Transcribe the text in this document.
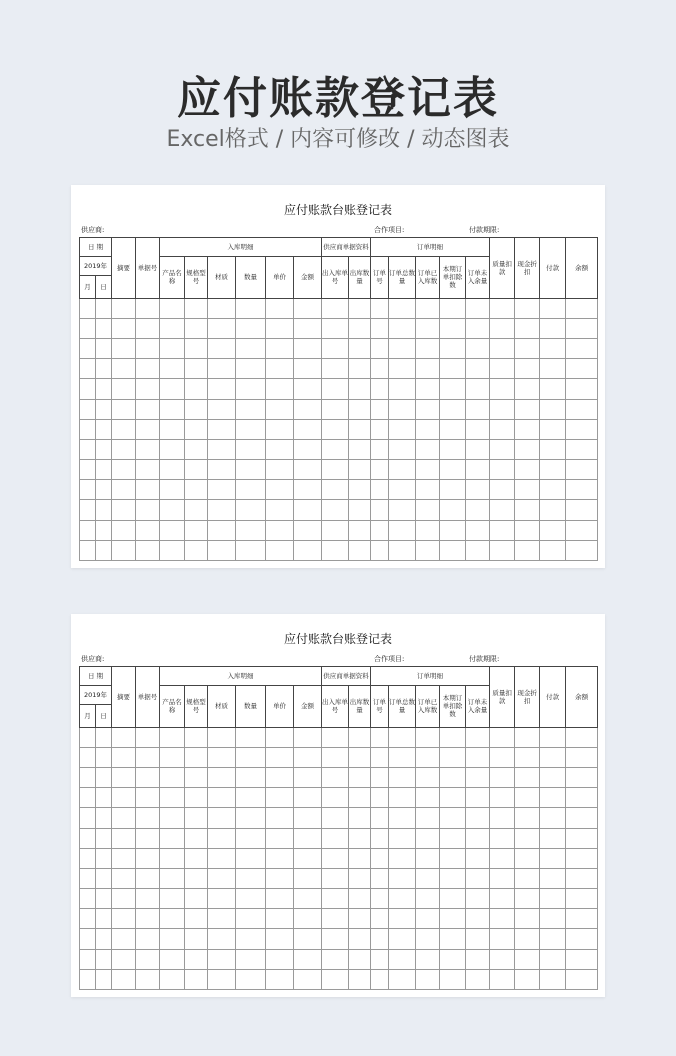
应付账款登记表
Excel格式 / 内容可修改 / 动态图表
应付账款台账登记表
供应商:	合作项目:	付款期限:
日 期		摘要	单据号	入库明细						供应商单据资料		订单明细					质量扣款	现金折扣	付款	余额
2019年				产品名称	规格型号	材质	数量	单价	金额	出入库单号	出库数量	订单号	订单总数量	订单已入库数	本期订单扣除数	订单未入余量				
月	日																			

应付账款台账登记表
供应商:	合作项目:	付款期限:
日 期		摘要	单据号	入库明细						供应商单据资料		订单明细					质量扣款	现金折扣	付款	余额
2019年				产品名称	规格型号	材质	数量	单价	金额	出入库单号	出库数量	订单号	订单总数量	订单已入库数	本期订单扣除数	订单未入余量				
月	日																			
